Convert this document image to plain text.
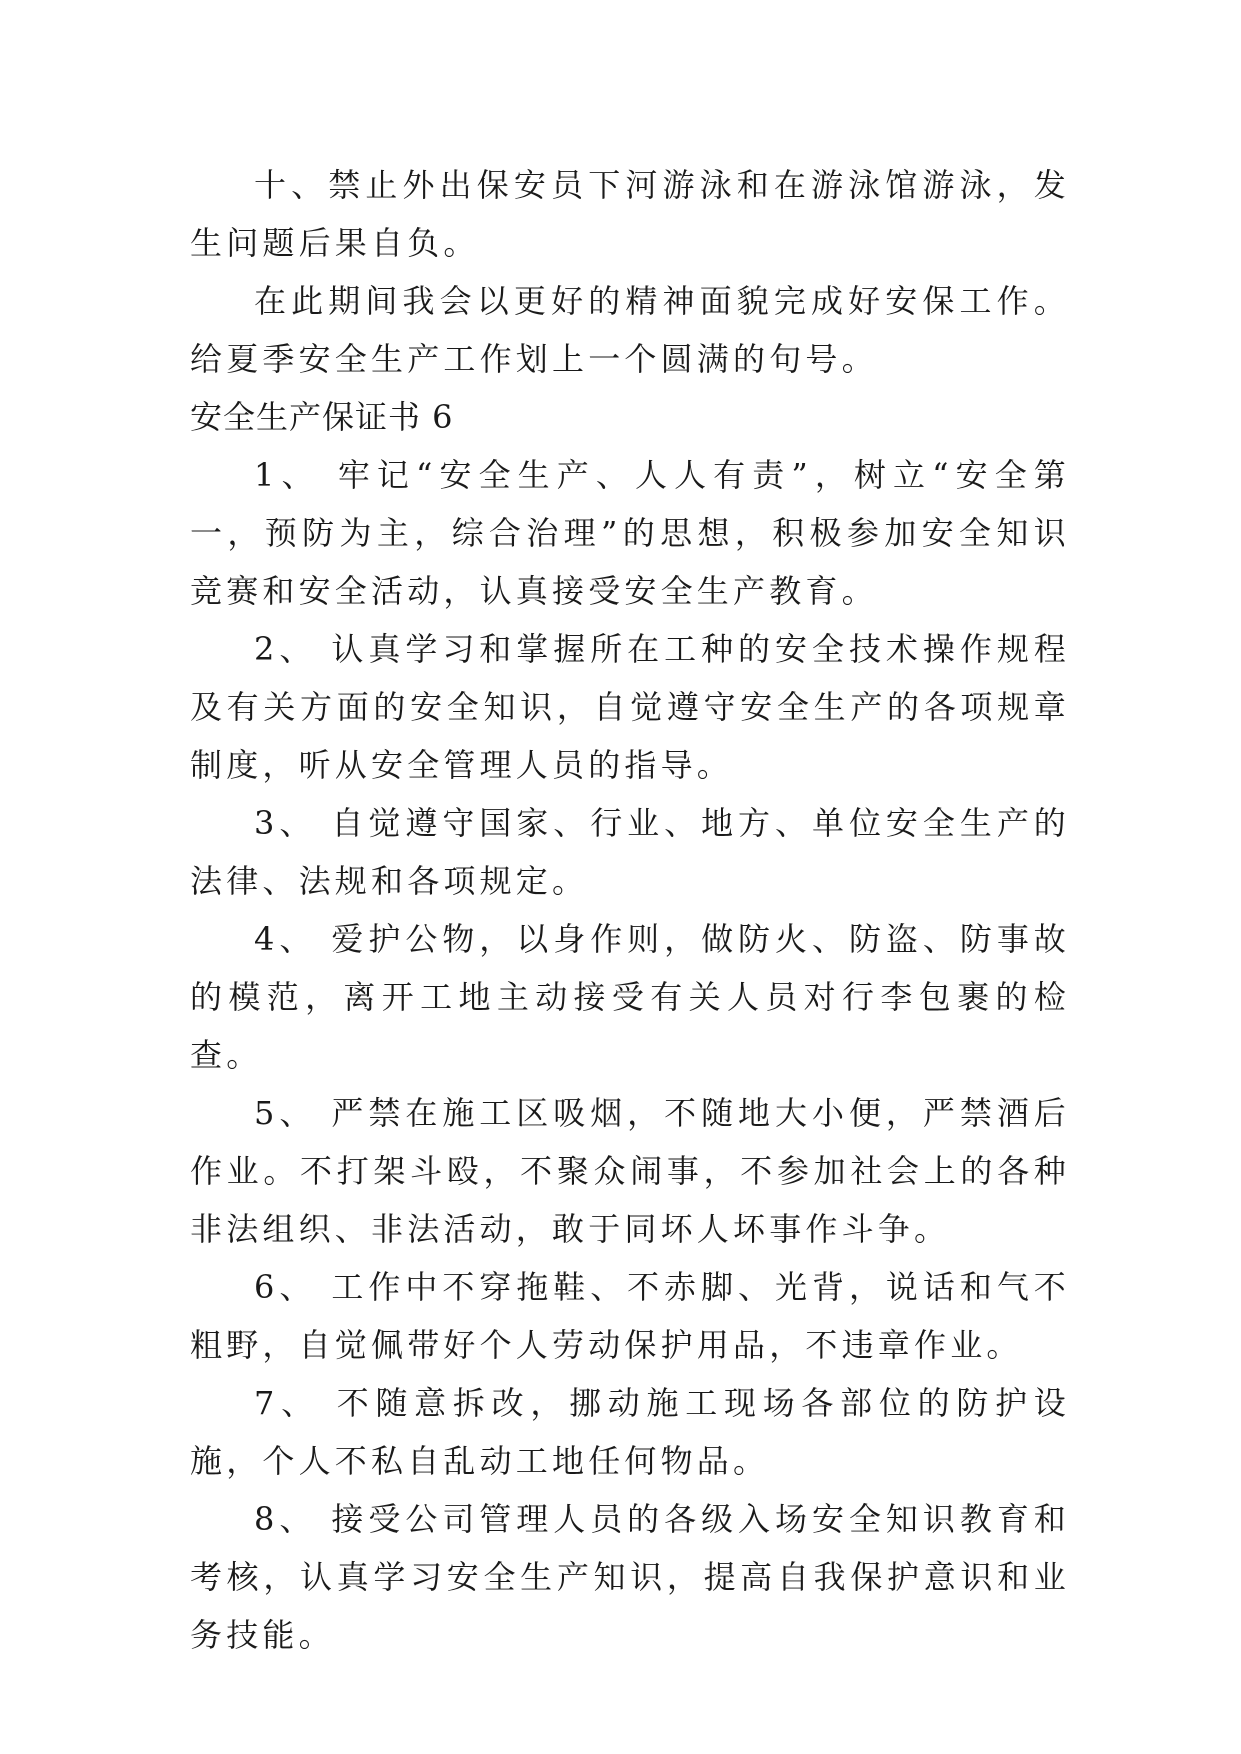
十、禁止外出保安员下河游泳和在游泳馆游泳，发生问题后果自负。

在此期间我会以更好的精神面貌完成好安保工作。给夏季安全生产工作划上一个圆满的句号。

安全生产保证书 6

1、 牢记“安全生产、人人有责”，树立“安全第一，预防为主，综合治理”的思想，积极参加安全知识竞赛和安全活动，认真接受安全生产教育。

2、 认真学习和掌握所在工种的安全技术操作规程及有关方面的安全知识，自觉遵守安全生产的各项规章制度，听从安全管理人员的指导。

3、 自觉遵守国家、行业、地方、单位安全生产的法律、法规和各项规定。

4、 爱护公物，以身作则，做防火、防盗、防事故的模范，离开工地主动接受有关人员对行李包裹的检查。

5、 严禁在施工区吸烟，不随地大小便，严禁酒后作业。不打架斗殴，不聚众闹事，不参加社会上的各种非法组织、非法活动，敢于同坏人坏事作斗争。

6、 工作中不穿拖鞋、不赤脚、光背，说话和气不粗野，自觉佩带好个人劳动保护用品，不违章作业。

7、 不随意拆改，挪动施工现场各部位的防护设施，个人不私自乱动工地任何物品。

8、 接受公司管理人员的各级入场安全知识教育和考核，认真学习安全生产知识，提高自我保护意识和业务技能。
